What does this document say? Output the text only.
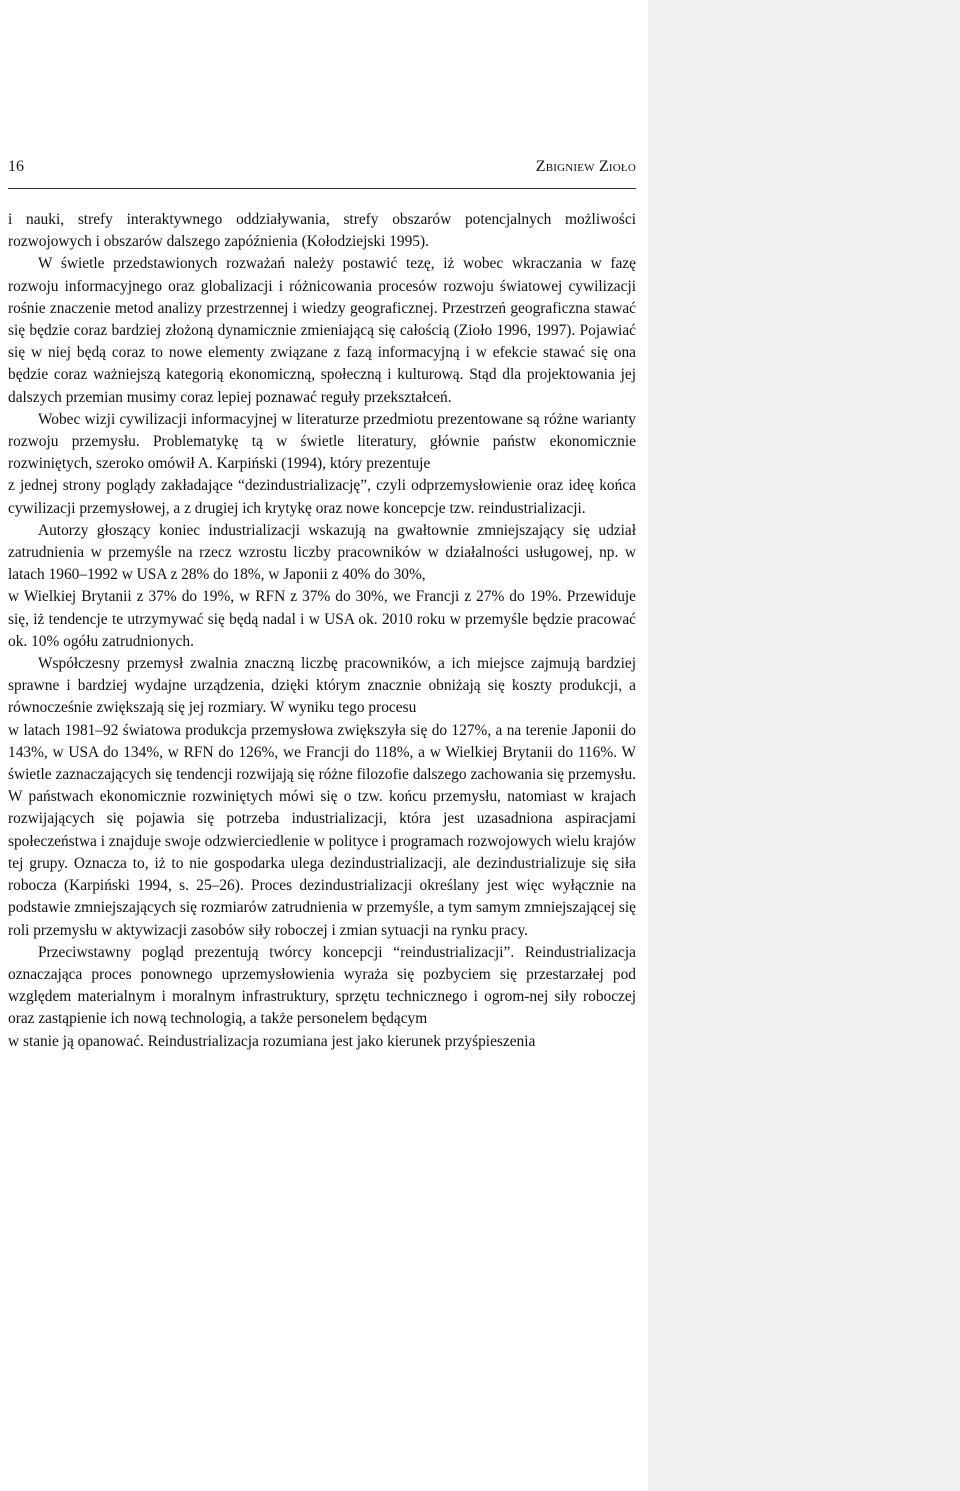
16	Zbigniew Zioło

i nauki, strefy interaktywnego oddziaływania, strefy obszarów potencjalnych możliwości rozwojowych i obszarów dalszego zapóźnienia (Kołodziejski 1995).

W świetle przedstawionych rozważań należy postawić tezę, iż wobec wkraczania w fazę rozwoju informacyjnego oraz globalizacji i różnicowania procesów rozwoju światowej cywilizacji rośnie znaczenie metod analizy przestrzennej i wiedzy geograficznej. Przestrzeń geograficzna stawać się będzie coraz bardziej złożoną dynamicznie zmieniającą się całością (Zioło 1996, 1997). Pojawiać się w niej będą coraz to nowe elementy związane z fazą informacyjną i w efekcie stawać się ona będzie coraz ważniejszą kategorią ekonomiczną, społeczną i kulturową. Stąd dla projektowania jej dalszych przemian musimy coraz lepiej poznawać reguły przekształceń.

Wobec wizji cywilizacji informacyjnej w literaturze przedmiotu prezentowane są różne warianty rozwoju przemysłu. Problematykę tą w świetle literatury, głównie państw ekonomicznie rozwiniętych, szeroko omówił A. Karpiński (1994), który prezentuje

z jednej strony poglądy zakładające “dezindustrializację”, czyli odprzemysłowienie oraz ideę końca cywilizacji przemysłowej, a z drugiej ich krytykę oraz nowe koncepcje tzw. reindustrializacji.

Autorzy głoszący koniec industrializacji wskazują na gwałtownie zmniejszający się udział zatrudnienia w przemyśle na rzecz wzrostu liczby pracowników w działalności usługowej, np. w latach 1960–1992 w USA z 28% do 18%, w Japonii z 40% do 30%,

w Wielkiej Brytanii z 37% do 19%, w RFN z 37% do 30%, we Francji z 27% do 19%. Przewiduje się, iż tendencje te utrzymywać się będą nadal i w USA ok. 2010 roku w przemyśle będzie pracować ok. 10% ogółu zatrudnionych.

Współczesny przemysł zwalnia znaczną liczbę pracowników, a ich miejsce zajmują bardziej sprawne i bardziej wydajne urządzenia, dzięki którym znacznie obniżają się koszty produkcji, a równocześnie zwiększają się jej rozmiary. W wyniku tego procesu

w latach 1981–92 światowa produkcja przemysłowa zwiększyła się do 127%, a na terenie Japonii do 143%, w USA do 134%, w RFN do 126%, we Francji do 118%, a w Wielkiej Brytanii do 116%. W świetle zaznaczających się tendencji rozwijają się różne filozofie dalszego zachowania się przemysłu. W państwach ekonomicznie rozwiniętych mówi się o tzw. końcu przemysłu, natomiast w krajach rozwijających się pojawia się potrzeba industrializacji, która jest uzasadniona aspiracjami społeczeństwa i znajduje swoje odzwierciedlenie w polityce i programach rozwojowych wielu krajów tej grupy. Oznacza to, iż to nie gospodarka ulega dezindustrializacji, ale dezindustrializuje się siła robocza (Karpiński 1994, s. 25–26). Proces dezindustrializacji określany jest więc wyłącznie na podstawie zmniejszających się rozmiarów zatrudnienia w przemyśle, a tym samym zmniejszającej się roli przemysłu w aktywizacji zasobów siły roboczej i zmian sytuacji na rynku pracy.

Przeciwstawny pogląd prezentują twórcy koncepcji “reindustrializacji”. Reindustrializacja oznaczająca proces ponownego uprzemysłowienia wyraża się pozbyciem się przestarzałej pod względem materialnym i moralnym infrastruktury, sprzętu technicznego i ogrom-nej siły roboczej oraz zastąpienie ich nową technologią, a także personelem będącym

w stanie ją opanować. Reindustrializacja rozumiana jest jako kierunek przyśpieszenia
